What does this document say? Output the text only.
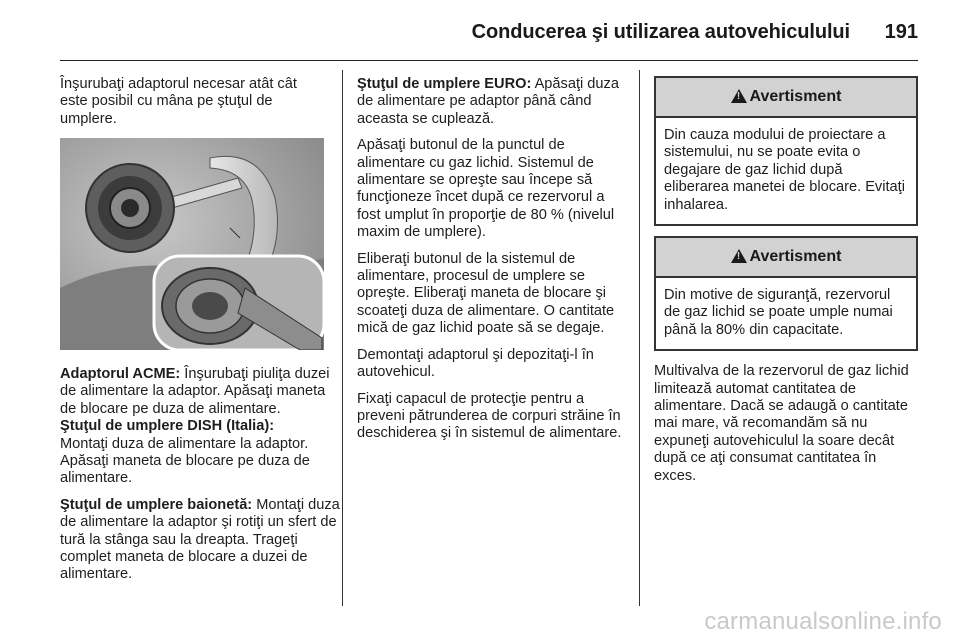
Conducerea şi utilizarea autovehiculului 191

Înşurubaţi adaptorul necesar atât cât este posibil cu mâna pe ştuţul de umplere.

Adaptorul ACME: Înşurubaţi piuliţa duzei de alimentare la adaptor. Apăsaţi maneta de blocare pe duza de alimentare.

Ştuţul de umplere DISH (Italia):
Montaţi duza de alimentare la adaptor. Apăsaţi maneta de blocare pe duza de alimentare.

Ştuţul de umplere baionetă: Montaţi duza de alimentare la adaptor şi rotiţi un sfert de tură la stânga sau la dreapta. Trageţi complet maneta de blocare a duzei de alimentare.

Ştuţul de umplere EURO: Apăsaţi duza de alimentare pe adaptor până când aceasta se cuplează.

Apăsaţi butonul de la punctul de alimentare cu gaz lichid. Sistemul de alimentare se opreşte sau începe să funcţioneze încet după ce rezervorul a fost umplut în proporţie de 80 % (nivelul maxim de umplere).

Eliberaţi butonul de la sistemul de alimentare, procesul de umplere se opreşte. Eliberaţi maneta de blocare şi scoateţi duza de alimentare. O cantitate mică de gaz lichid poate să se degaje.

Demontaţi adaptorul şi depozitaţi-l în autovehicul.

Fixaţi capacul de protecţie pentru a preveni pătrunderea de corpuri străine în deschiderea şi în sistemul de alimentare.

! Avertisment
Din cauza modului de proiectare a sistemului, nu se poate evita o degajare de gaz lichid după eliberarea manetei de blocare. Evitaţi inhalarea.
! Avertisment
Din motive de siguranţă, rezervorul de gaz lichid se poate umple numai până la 80% din capacitate.

Multivalva de la rezervorul de gaz lichid limitează automat cantitatea de alimentare. Dacă se adaugă o cantitate mai mare, vă recomandăm să nu expuneţi autovehiculul la soare decât după ce aţi consumat cantitatea în exces.

carmanualsonline.info
